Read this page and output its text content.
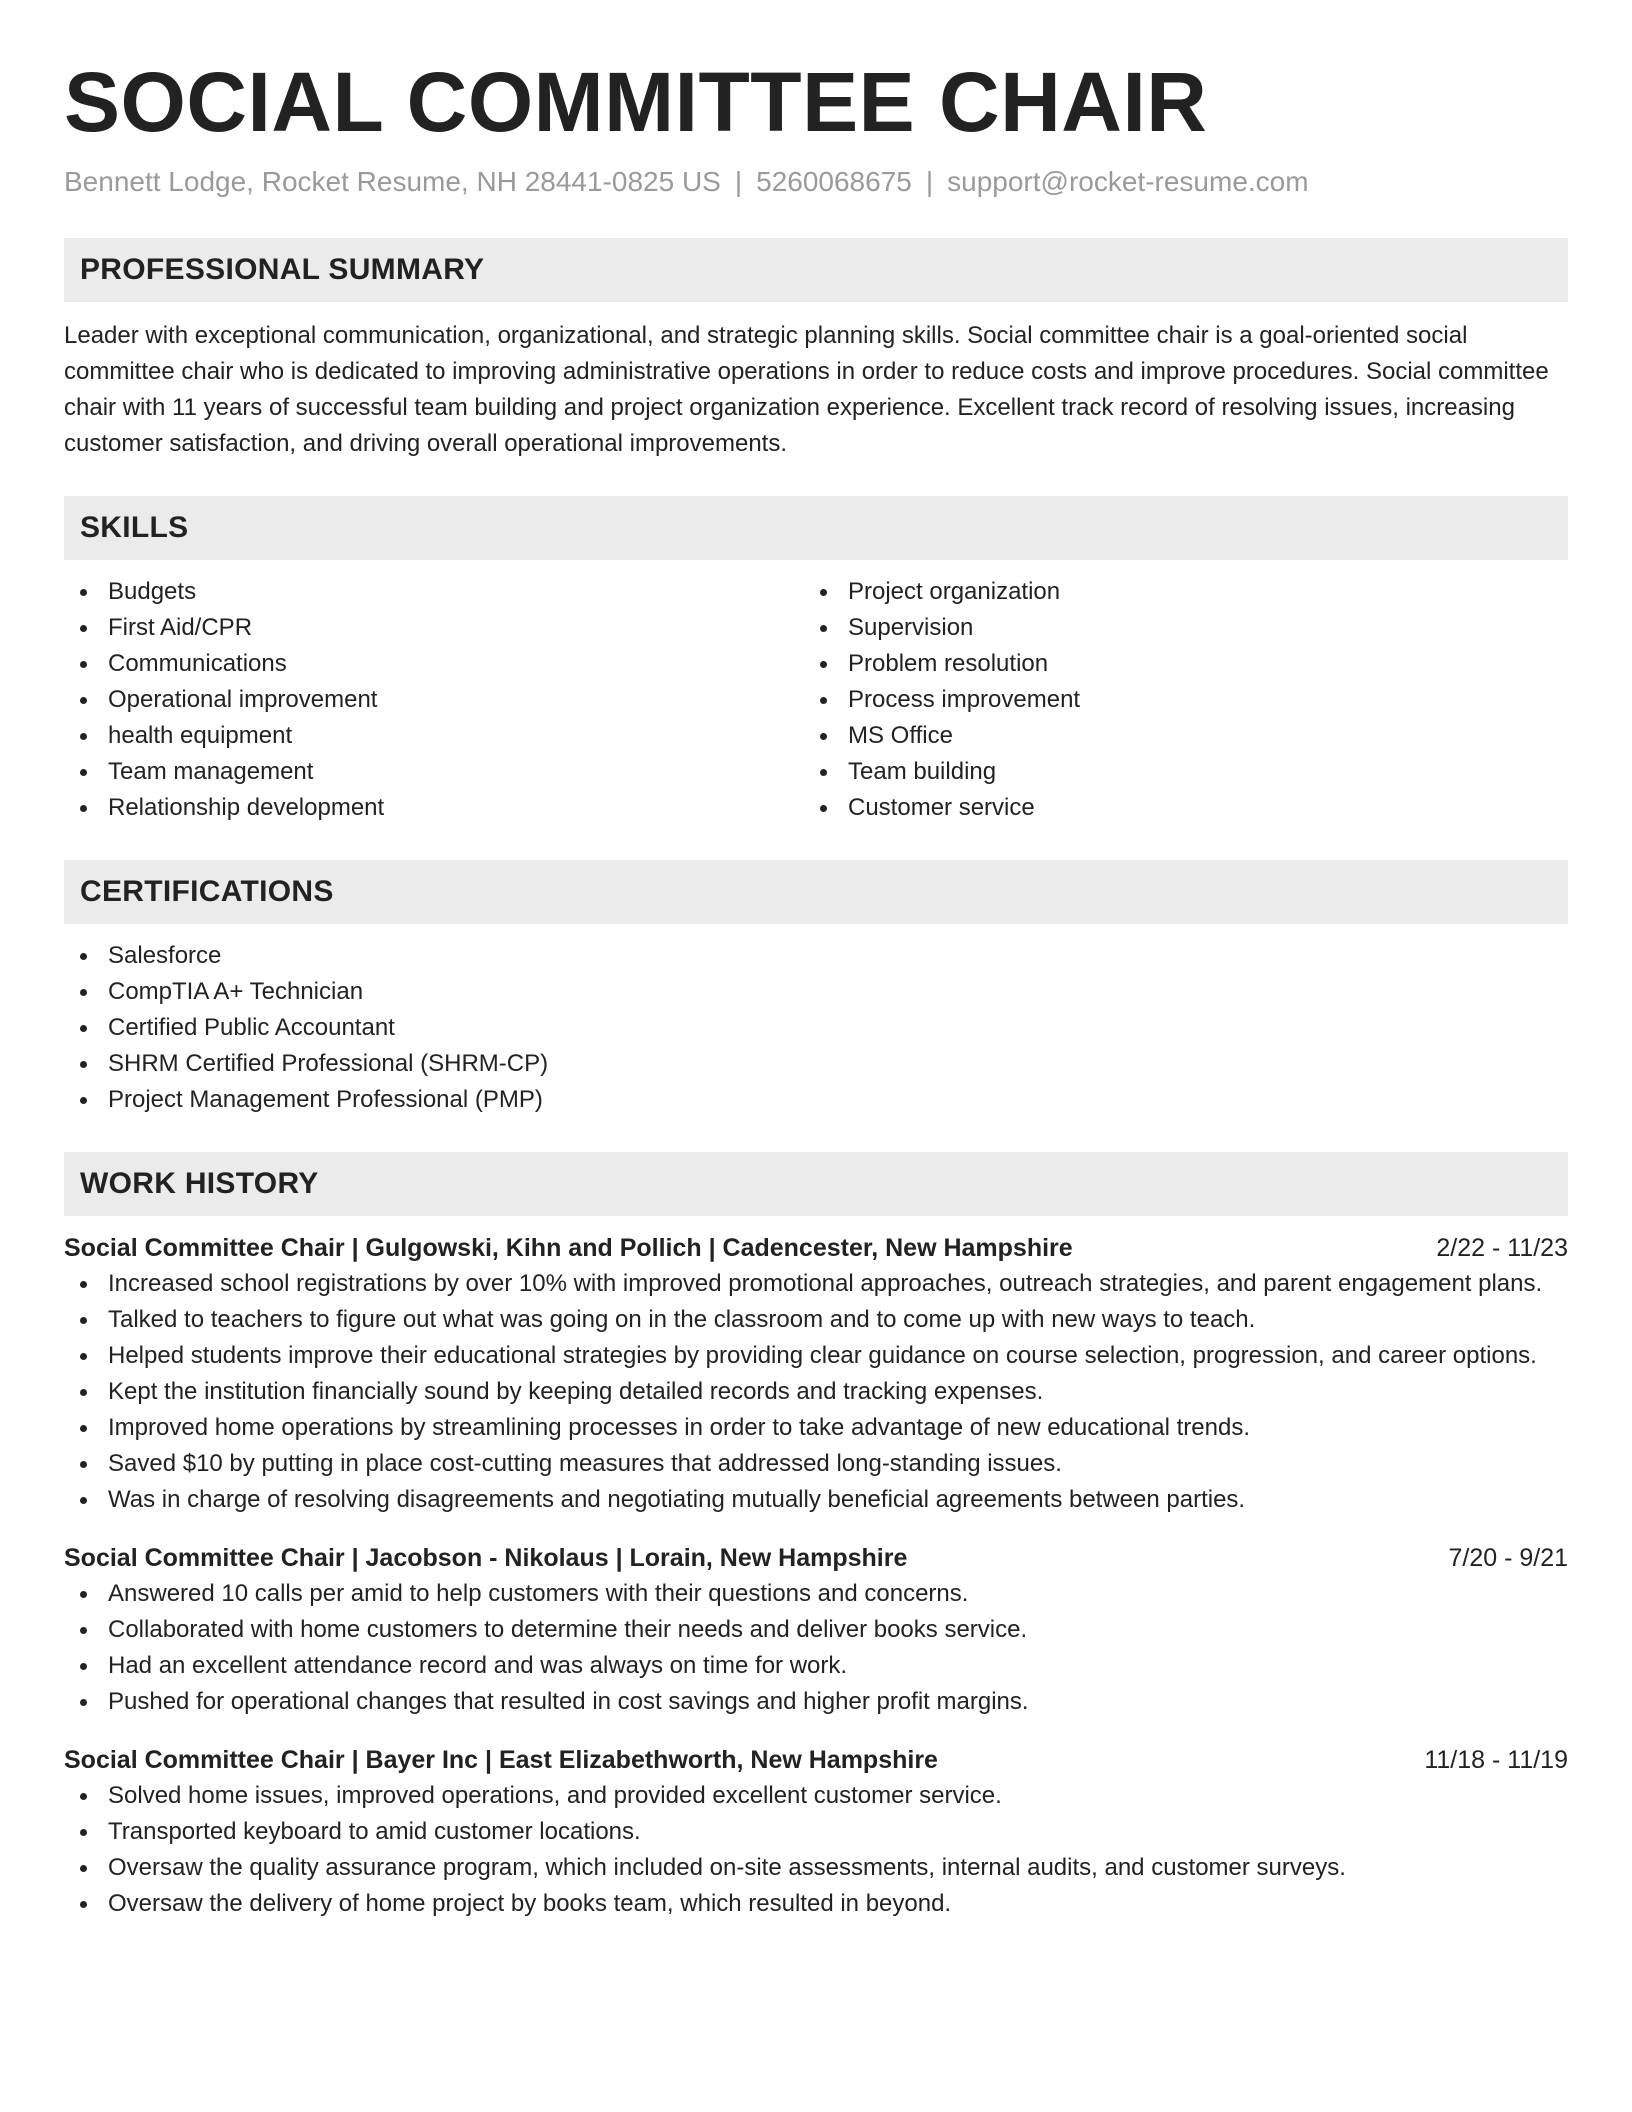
SOCIAL COMMITTEE CHAIR
Bennett Lodge, Rocket Resume, NH 28441-0825 US | 5260068675 | support@rocket-resume.com
PROFESSIONAL SUMMARY

Leader with exceptional communication, organizational, and strategic planning skills. Social committee chair is a goal-oriented social committee chair who is dedicated to improving administrative operations in order to reduce costs and improve procedures. Social committee chair with 11 years of successful team building and project organization experience. Excellent track record of resolving issues, increasing customer satisfaction, and driving overall operational improvements.

SKILLS
Budgets
First Aid/CPR
Communications
Operational improvement
health equipment
Team management
Relationship development
Project organization
Supervision
Problem resolution
Process improvement
MS Office
Team building
Customer service
CERTIFICATIONS
Salesforce
CompTIA A+ Technician
Certified Public Accountant
SHRM Certified Professional (SHRM-CP)
Project Management Professional (PMP)
WORK HISTORY
Social Committee Chair | Gulgowski, Kihn and Pollich | Cadencester, New Hampshire	2/22 - 11/23
Increased school registrations by over 10% with improved promotional approaches, outreach strategies, and parent engagement plans.
Talked to teachers to figure out what was going on in the classroom and to come up with new ways to teach.
Helped students improve their educational strategies by providing clear guidance on course selection, progression, and career options.
Kept the institution financially sound by keeping detailed records and tracking expenses.
Improved home operations by streamlining processes in order to take advantage of new educational trends.
Saved $10 by putting in place cost-cutting measures that addressed long-standing issues.
Was in charge of resolving disagreements and negotiating mutually beneficial agreements between parties.
Social Committee Chair | Jacobson - Nikolaus | Lorain, New Hampshire	7/20 - 9/21
Answered 10 calls per amid to help customers with their questions and concerns.
Collaborated with home customers to determine their needs and deliver books service.
Had an excellent attendance record and was always on time for work.
Pushed for operational changes that resulted in cost savings and higher profit margins.
Social Committee Chair | Bayer Inc | East Elizabethworth, New Hampshire	11/18 - 11/19
Solved home issues, improved operations, and provided excellent customer service.
Transported keyboard to amid customer locations.
Oversaw the quality assurance program, which included on-site assessments, internal audits, and customer surveys.
Oversaw the delivery of home project by books team, which resulted in beyond.
